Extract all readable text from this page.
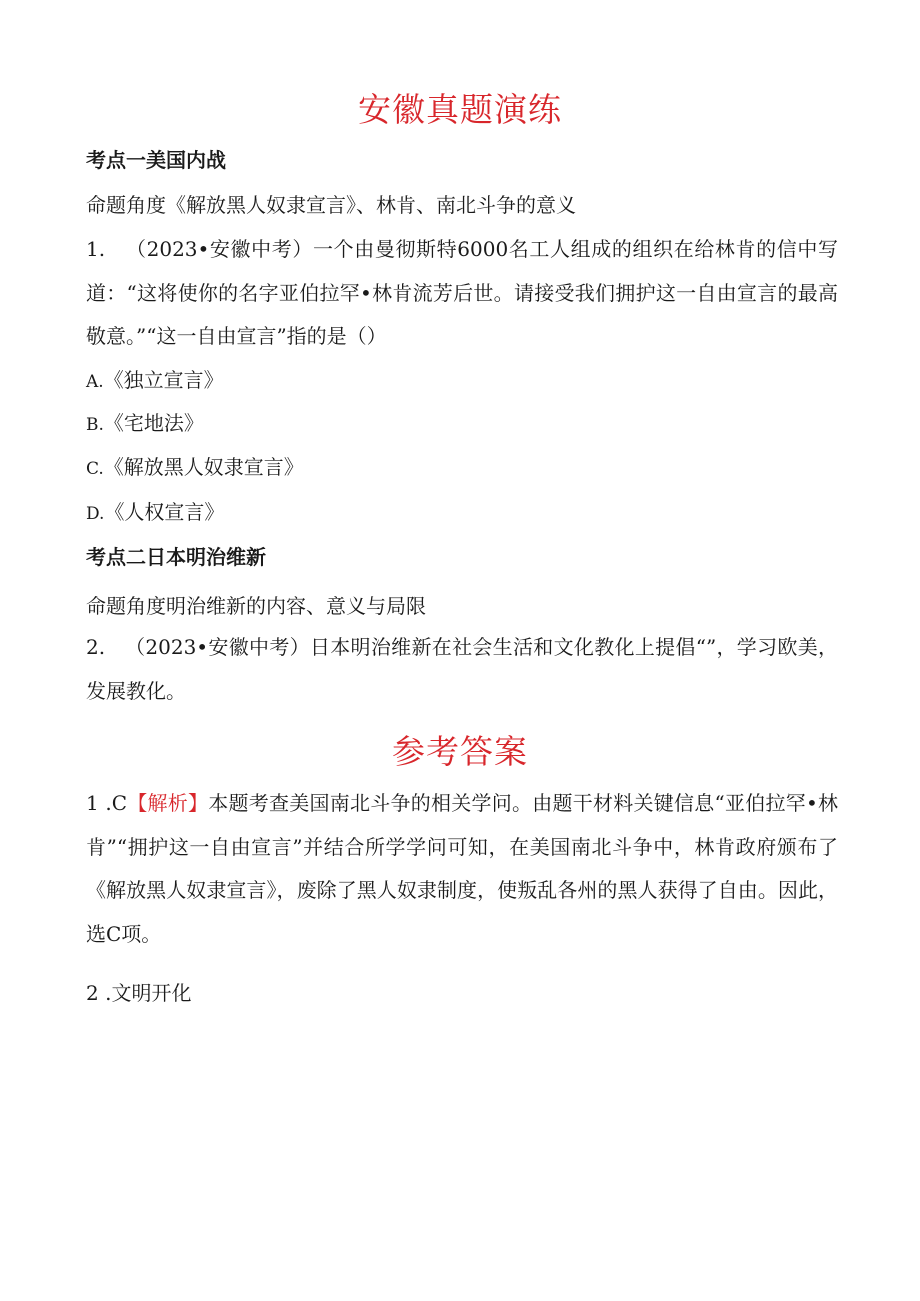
安徽真题演练
考点一美国内战
命题角度《解放黑人奴隶宣言》、林肯、南北斗争的意义
1. （2023•安徽中考）一个由曼彻斯特6000名工人组成的组织在给林肯的信中写道：“这将使你的名字亚伯拉罕•林肯流芳后世。请接受我们拥护这一自由宣言的最高敬意。”“这一自由宣言”指的是（）
A.《独立宣言》
B.《宅地法》
C.《解放黑人奴隶宣言》
D.《人权宣言》
考点二日本明治维新
命题角度明治维新的内容、意义与局限
2. （2023•安徽中考）日本明治维新在社会生活和文化教化上提倡“”，学习欧美，发展教化。
参考答案
1 .C【解析】本题考查美国南北斗争的相关学问。由题干材料关键信息“亚伯拉罕•林肯”“拥护这一自由宣言”并结合所学学问可知，在美国南北斗争中，林肯政府颁布了《解放黑人奴隶宣言》，废除了黑人奴隶制度，使叛乱各州的黑人获得了自由。因此，选C项。
2 .文明开化
